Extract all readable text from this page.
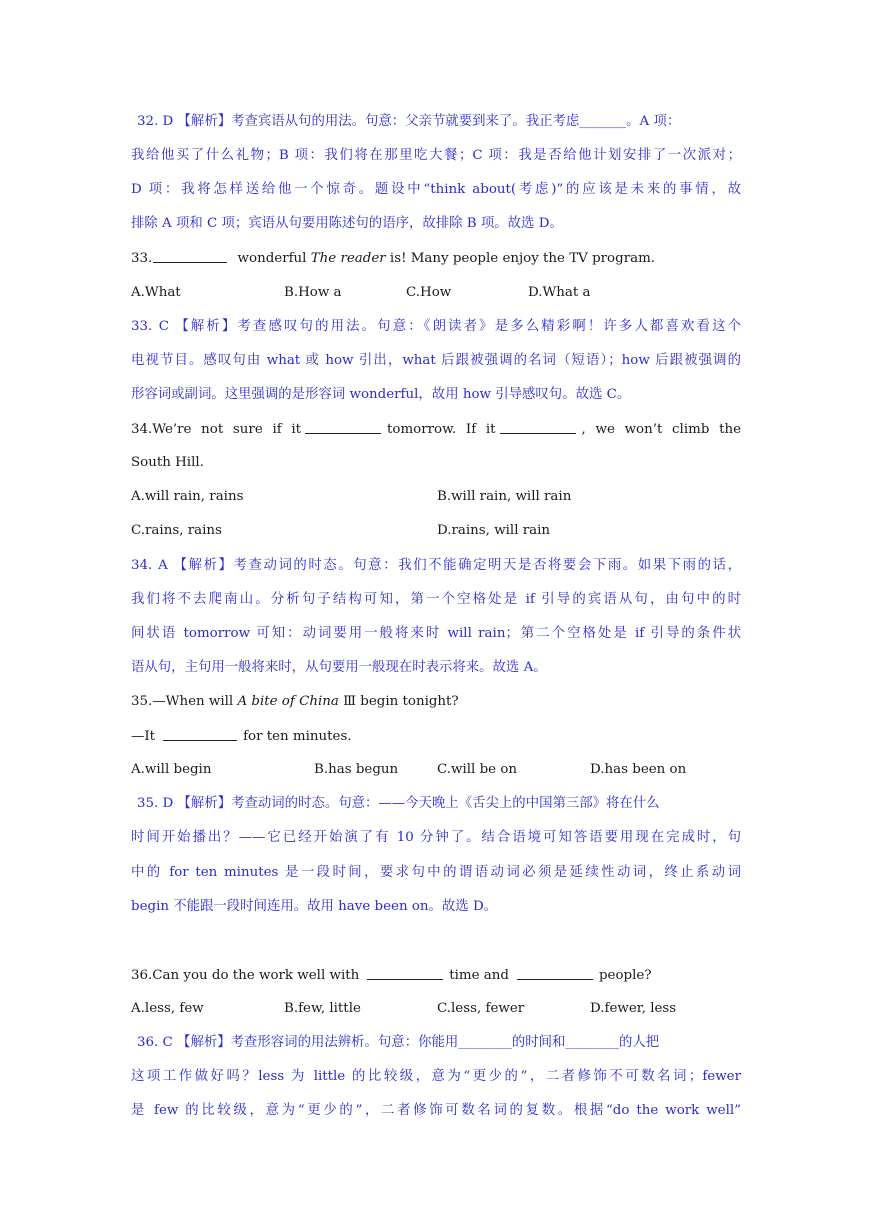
32. D 【解析】考查宾语从句的用法。句意：父亲节就要到来了。我正考虑_______。A 项：
我给他买了什么礼物；B 项：我们将在那里吃大餐；C 项：我是否给他计划安排了一次派对；
D 项：我将怎样送给他一个惊奇。题设中“think about(考虑)”的应该是未来的事情，故
排除 A 项和 C 项；宾语从句要用陈述句的语序，故排除 B 项。故选 D。
33.	wonderful The reader is! Many people enjoy the TV program.
A.What	B.How a	C.How	D.What a
33. C 【解析】考查感叹句的用法。句意：《朗读者》是多么精彩啊！许多人都喜欢看这个
电视节目。感叹句由 what 或 how 引出，what 后跟被强调的名词（短语）；how 后跟被强调的
形容词或副词。这里强调的是形容词 wonderful，故用 how 引导感叹句。故选 C。
34.We’re not sure if it	tomorrow. If it	, we won’t climb the
South Hill.
A.will rain, rains	B.will rain, will rain
C.rains, rains	D.rains, will rain
34. A 【解析】考查动词的时态。句意：我们不能确定明天是否将要会下雨。如果下雨的话，
我们将不去爬南山。分析句子结构可知，第一个空格处是 if 引导的宾语从句，由句中的时
间状语 tomorrow 可知：动词要用一般将来时 will rain；第二个空格处是 if 引导的条件状
语从句，主句用一般将来时，从句要用一般现在时表示将来。故选 A。
35.—When will A bite of China Ⅲ begin tonight?
—It	for ten minutes.
A.will begin	B.has begun	C.will be on	D.has been on
35. D 【解析】考查动词的时态。句意：——今天晚上《舌尖上的中国第三部》将在什么
时间开始播出？——它已经开始演了有 10 分钟了。结合语境可知答语要用现在完成时，句
中的 for ten minutes 是一段时间，要求句中的谓语动词必须是延续性动词，终止系动词
begin 不能跟一段时间连用。故用 have been on。故选 D。
36.Can you do the work well with	time and	people?
A.less, few	B.few, little	C.less, fewer	D.fewer, less
36. C 【解析】考查形容词的用法辨析。句意：你能用________的时间和________的人把
这项工作做好吗？less 为 little 的比较级，意为“更少的”，二者修饰不可数名词；fewer
是 few 的比较级，意为“更少的”，二者修饰可数名词的复数。根据“do the work well”
